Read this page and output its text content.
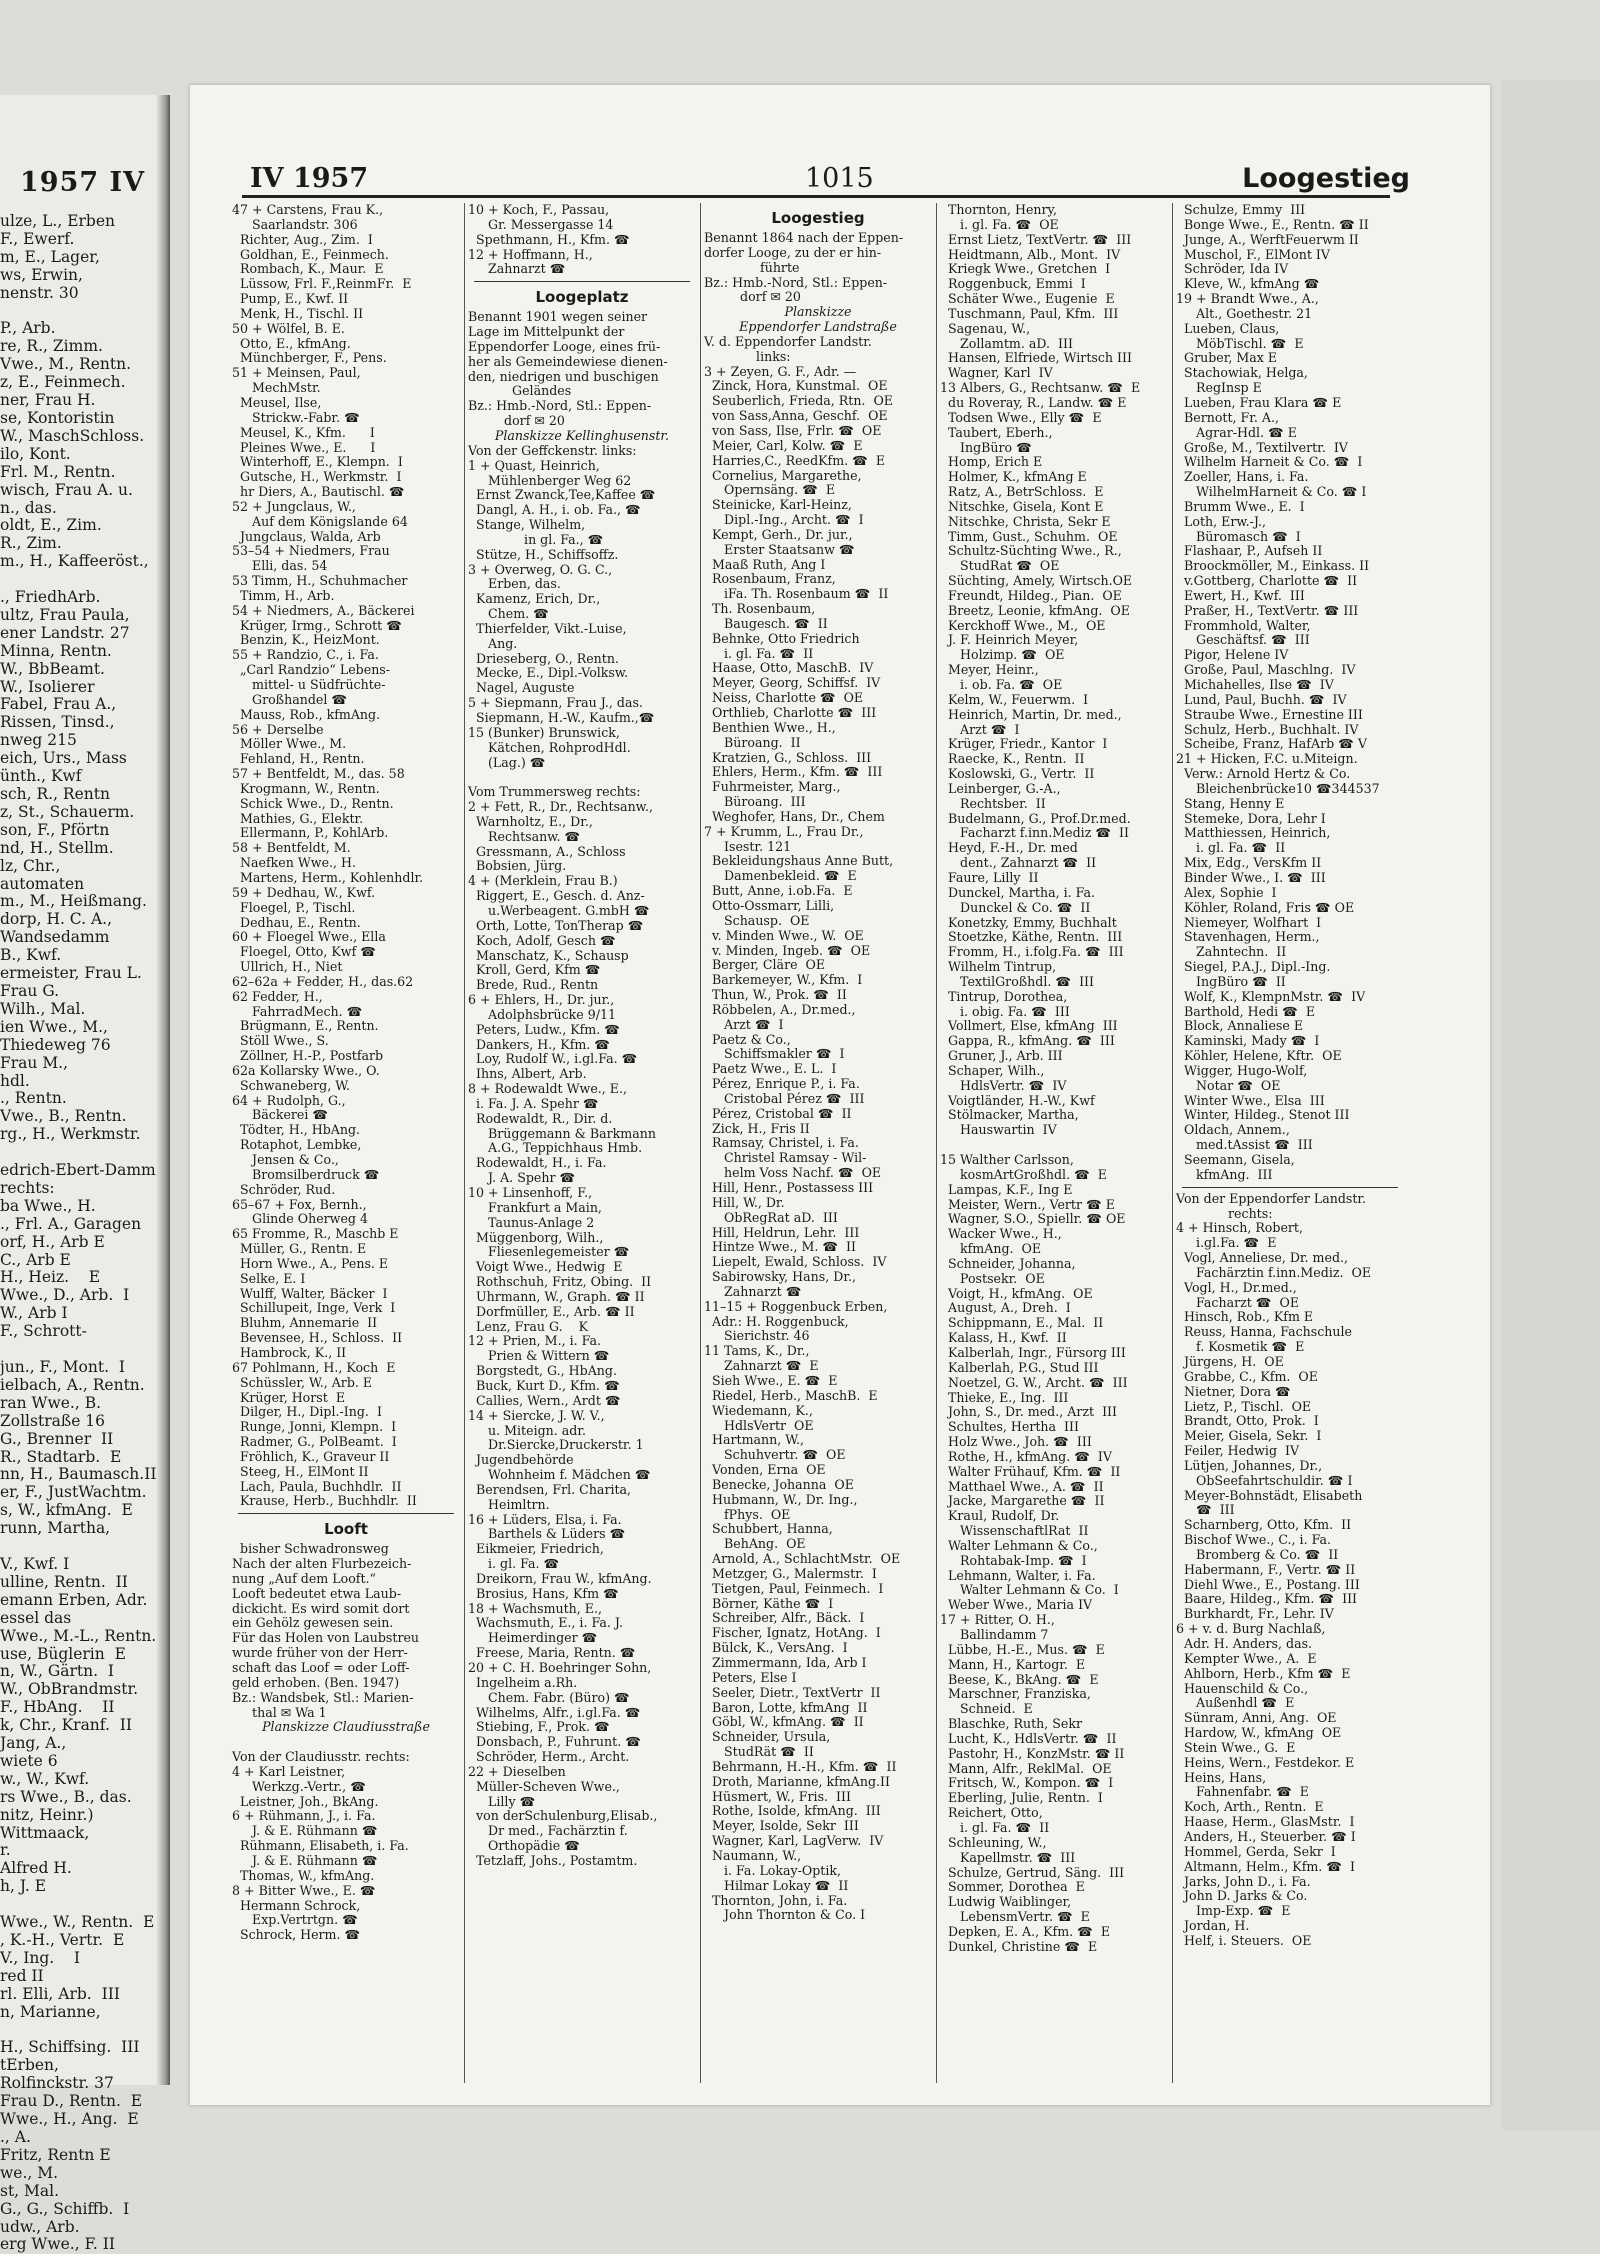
1957 IV
ulze, L., Erben
F., Ewerf.
m, E., Lager,
ws, Erwin,
nenstr. 30

P., Arb.
re, R., Zimm.
Vwe., M., Rentn.
z, E., Feinmech.
ner, Frau H.
se, Kontoristin
W., MaschSchloss.
ilo, Kont.
Frl. M., Rentn.
wisch, Frau A. u.
n., das.
oldt, E., Zim.
R., Zim.
m., H., Kaffeeröst.,

., FriedhArb.
ultz, Frau Paula,
ener Landstr. 27
Minna, Rentn.
W., BbBeamt.
W., Isolierer
Fabel, Frau A.,
Rissen, Tinsd.,
nweg 215
eich, Urs., Mass
ünth., Kwf
sch, R., Rentn
z, St., Schauerm.
son, F., Pförtn
nd, H., Stellm.
lz, Chr.,
automaten
m., M., Heißmang.
dorp, H. C. A.,
Wandsedamm
B., Kwf.
ermeister, Frau L.
Frau G.
Wilh., Mal.
ien Wwe., M.,
Thiedeweg 76
Frau M.,
hdl.
., Rentn.
Vwe., B., Rentn.
rg., H., Werkmstr.

edrich-Ebert-Damm
rechts:
ba Wwe., H.
., Frl. A., Garagen
orf, H., Arb E
C., Arb E
H., Heiz.    E
Wwe., D., Arb.  I
W., Arb I
F., Schrott-

jun., F., Mont.  I
ielbach, A., Rentn.
ran Wwe., B.
Zollstraße 16
G., Brenner  II
R., Stadtarb.  E
nn, H., Baumasch.II
er, F., JustWachtm.
s, W., kfmAng.  E
runn, Martha,

V., Kwf. I
ulline, Rentn.  II
emann Erben, Adr.
essel das
Wwe., M.-L., Rentn.
use, Büglerin  E
n, W., Gärtn.  I
W., ObBrandmstr.
F., HbAng.    II
k, Chr., Kranf.  II
Jang, A.,
wiete 6
w., W., Kwf.
rs Wwe., B., das.
nitz, Heinr.)
Wittmaack,
r.
Alfred H.
h, J. E

Wwe., W., Rentn.  E
, K.-H., Vertr.  E
V., Ing.    I
red II
rl. Elli, Arb.  III
n, Marianne,

H., Schiffsing.  III
tErben,
Rolfinckstr. 37
Frau D., Rentn.  E
Wwe., H., Ang.  E
., A.
Fritz, Rentn E
we., M.
st, Mal.
G., G., Schiffb.  I
udw., Arb.
erg Wwe., F. II
IV 1957	1015	Loogestieg
47 + Carstens, Frau K.,
Saarlandstr. 306
Richter, Aug., Zim.  I
Goldhan, E., Feinmech.
Rombach, K., Maur.  E
Lüssow, Frl. F.,ReinmFr.  E
Pump, E., Kwf. II
Menk, H., Tischl. II
50 + Wölfel, B. E.
Otto, E., kfmAng.
Münchberger, F., Pens.
51 + Meinsen, Paul,
MechMstr.
Meusel, Ilse,
Strickw.-Fabr. ☎
Meusel, K., Kfm.      I
Pleines Wwe., E.      I
Winterhoff, E., Klempn.  I
Gutsche, H., Werkmstr.  I
hr Diers, A., Bautischl. ☎
52 + Jungclaus, W.,
Auf dem Königslande 64
Jungclaus, Walda, Arb
53–54 + Niedmers, Frau
Elli, das. 54
53 Timm, H., Schuhmacher
Timm, H., Arb.
54 + Niedmers, A., Bäckerei
Krüger, Irmg., Schrott ☎
Benzin, K., HeizMont.
55 + Randzio, C., i. Fa.
„Carl Randzio“ Lebens-
mittel- u Südfrüchte-
Großhandel ☎
Mauss, Rob., kfmAng.
56 + Derselbe
Möller Wwe., M.
Fehland, H., Rentn.
57 + Bentfeldt, M., das. 58
Krogmann, W., Rentn.
Schick Wwe., D., Rentn.
Mathies, G., Elektr.
Ellermann, P., KohlArb.
58 + Bentfeldt, M.
Naefken Wwe., H.
Martens, Herm., Kohlenhdlr.
59 + Dedhau, W., Kwf.
Floegel, P., Tischl.
Dedhau, E., Rentn.
60 + Floegel Wwe., Ella
Floegel, Otto, Kwf ☎
Ullrich, H., Niet
62–62a + Fedder, H., das.62
62 Fedder, H.,
FahrradMech. ☎
Brügmann, E., Rentn.
Stöll Wwe., S.
Zöllner, H.-P., Postfarb
62a Kollarsky Wwe., O.
Schwaneberg, W.
64 + Rudolph, G.,
Bäckerei ☎
Tödter, H., HbAng.
Rotaphot, Lembke,
Jensen & Co.,
Bromsilberdruck ☎
Schröder, Rud.
65–67 + Fox, Bernh.,
Glinde Oherweg 4
65 Fromme, R., Maschb E
Müller, G., Rentn. E
Horn Wwe., A., Pens. E
Selke, E. I
Wulff, Walter, Bäcker  I
Schillupeit, Inge, Verk  I
Bluhm, Annemarie  II
Bevensee, H., Schloss.  II
Hambrock, K., II
67 Pohlmann, H., Koch  E
Schüssler, W., Arb. E
Krüger, Horst  E
Dilger, H., Dipl.-Ing.  I
Runge, Jonni, Klempn.  I
Radmer, G., PolBeamt.  I
Fröhlich, K., Graveur II
Steeg, H., ElMont II
Lach, Paula, Buchhdlr.  II
Krause, Herb., Buchhdlr.  II
Looft
bisher Schwadronsweg
Nach der alten Flurbezeich-
nung „Auf dem Looft.“
Looft bedeutet etwa Laub-
dickicht. Es wird somit dort
ein Gehölz gewesen sein.
Für das Holen von Laubstreu
wurde früher von der Herr-
schaft das Loof = oder Loff-
geld erhoben. (Ben. 1947)
Bz.: Wandsbek, Stl.: Marien-
thal ✉ Wa 1
Planskizze Claudiusstraße

Von der Claudiusstr. rechts:
4 + Karl Leistner,
Werkzg.-Vertr., ☎
Leistner, Joh., BkAng.
6 + Rühmann, J., i. Fa.
J. & E. Rühmann ☎
Rühmann, Elisabeth, i. Fa.
J. & E. Rühmann ☎
Thomas, W., kfmAng.
8 + Bitter Wwe., E. ☎
Hermann Schrock,
Exp.Vertrtgn. ☎
Schrock, Herm. ☎
10 + Koch, F., Passau,
Gr. Messergasse 14
Spethmann, H., Kfm. ☎
12 + Hoffmann, H.,
Zahnarzt ☎
Loogeplatz
Benannt 1901 wegen seiner
Lage im Mittelpunkt der
Eppendorfer Looge, eines frü-
her als Gemeindewiese dienen-
den, niedrigen und buschigen
Geländes
Bz.: Hmb.-Nord, Stl.: Eppen-
dorf ✉ 20
Planskizze Kellinghusenstr.
Von der Geffckenstr. links:
1 + Quast, Heinrich,
Mühlenberger Weg 62
Ernst Zwanck,Tee,Kaffee ☎
Dangl, A. H., i. ob. Fa., ☎
Stange, Wilhelm,
in gl. Fa., ☎
Stütze, H., Schiffsoffz.
3 + Overweg, O. G. C.,
Erben, das.
Kamenz, Erich, Dr.,
Chem. ☎
Thierfelder, Vikt.-Luise,
Ang.
Drieseberg, O., Rentn.
Mecke, E., Dipl.-Volksw.
Nagel, Auguste
5 + Siepmann, Frau J., das.
Siepmann, H.-W., Kaufm.,☎
15 (Bunker) Brunswick,
Kätchen, RohprodHdl.
(Lag.) ☎

Vom Trummersweg rechts:
2 + Fett, R., Dr., Rechtsanw.,
Warnholtz, E., Dr.,
Rechtsanw. ☎
Gressmann, A., Schloss
Bobsien, Jürg.
4 + (Merklein, Frau B.)
Riggert, E., Gesch. d. Anz-
u.Werbeagent. G.mbH ☎
Orth, Lotte, TonTherap ☎
Koch, Adolf, Gesch ☎
Manschatz, K., Schausp
Kroll, Gerd, Kfm ☎
Brede, Rud., Rentn
6 + Ehlers, H., Dr. jur.,
Adolphsbrücke 9/11
Peters, Ludw., Kfm. ☎
Dankers, H., Kfm. ☎
Loy, Rudolf W., i.gl.Fa. ☎
Ihns, Albert, Arb.
8 + Rodewaldt Wwe., E.,
i. Fa. J. A. Spehr ☎
Rodewaldt, R., Dir. d.
Brüggemann & Barkmann
A.G., Teppichhaus Hmb.
Rodewaldt, H., i. Fa.
J. A. Spehr ☎
10 + Linsenhoff, F.,
Frankfurt a Main,
Taunus-Anlage 2
Müggenborg, Wilh.,
Fliesenlegemeister ☎
Voigt Wwe., Hedwig  E
Rothschuh, Fritz, Obing.  II
Uhrmann, W., Graph. ☎ II
Dorfmüller, E., Arb. ☎ II
Lenz, Frau G.    K
12 + Prien, M., i. Fa.
Prien & Wittern ☎
Borgstedt, G., HbAng.
Buck, Kurt D., Kfm. ☎
Callies, Wern., Ardt ☎
14 + Siercke, J. W. V.,
u. Miteign. adr.
Dr.Siercke,Druckerstr. 1
Jugendbehörde
Wohnheim f. Mädchen ☎
Berendsen, Frl. Charita,
Heimltrn.
16 + Lüders, Elsa, i. Fa.
Barthels & Lüders ☎
Eikmeier, Friedrich,
i. gl. Fa. ☎
Dreikorn, Frau W., kfmAng.
Brosius, Hans, Kfm ☎
18 + Wachsmuth, E.,
Wachsmuth, E., i. Fa. J.
Heimerdinger ☎
Freese, Maria, Rentn. ☎
20 + C. H. Boehringer Sohn,
Ingelheim a.Rh.
Chem. Fabr. (Büro) ☎
Wilhelms, Alfr., i.gl.Fa. ☎
Stiebing, F., Prok. ☎
Donsbach, P., Fuhrunt. ☎
Schröder, Herm., Archt.
22 + Dieselben
Müller-Scheven Wwe.,
Lilly ☎
von derSchulenburg,Elisab.,
Dr med., Fachärztin f.
Orthopädie ☎
Tetzlaff, Johs., Postamtm.
Loogestieg
Benannt 1864 nach der Eppen-
dorfer Looge, zu der er hin-
führte
Bz.: Hmb.-Nord, Stl.: Eppen-
dorf ✉ 20
Planskizze
Eppendorfer Landstraße
V. d. Eppendorfer Landstr.
links:
3 + Zeyen, G. F., Adr. —
Zinck, Hora, Kunstmal.  OE
Seuberlich, Frieda, Rtn.  OE
von Sass,Anna, Geschf.  OE
von Sass, Ilse, Frlr. ☎  OE
Meier, Carl, Kolw. ☎  E
Harries,C., ReedKfm. ☎  E
Cornelius, Margarethe,
Opernsäng. ☎  E
Steinicke, Karl-Heinz,
Dipl.-Ing., Archt. ☎  I
Kempt, Gerh., Dr. jur.,
Erster Staatsanw ☎
Maaß Ruth, Ang I
Rosenbaum, Franz,
iFa. Th. Rosenbaum ☎  II
Th. Rosenbaum,
Baugesch. ☎  II
Behnke, Otto Friedrich
i. gl. Fa. ☎  II
Haase, Otto, MaschB.  IV
Meyer, Georg, Schiffsf.  IV
Neiss, Charlotte ☎  OE
Orthlieb, Charlotte ☎  III
Benthien Wwe., H.,
Büroang.  II
Kratzien, G., Schloss.  III
Ehlers, Herm., Kfm. ☎  III
Fuhrmeister, Marg.,
Büroang.  III
Weghofer, Hans, Dr., Chem
7 + Krumm, L., Frau Dr.,
Isestr. 121
Bekleidungshaus Anne Butt,
Damenbekleid. ☎  E
Butt, Anne, i.ob.Fa.  E
Otto-Ossmarr, Lilli,
Schausp.  OE
v. Minden Wwe., W.  OE
v. Minden, Ingeb. ☎  OE
Berger, Cläre  OE
Barkemeyer, W., Kfm.  I
Thun, W., Prok. ☎  II
Röbbelen, A., Dr.med.,
Arzt ☎  I
Paetz & Co.,
Schiffsmakler ☎  I
Paetz Wwe., E. L.  I
Pérez, Enrique P., i. Fa.
Cristobal Pérez ☎  III
Pérez, Cristobal ☎  II
Zick, H., Fris II
Ramsay, Christel, i. Fa.
Christel Ramsay - Wil-
helm Voss Nachf. ☎  OE
Hill, Henr., Postassess III
Hill, W., Dr.
ObRegRat aD.  III
Hill, Heldrun, Lehr.  III
Hintze Wwe., M. ☎  II
Liepelt, Ewald, Schloss.  IV
Sabirowsky, Hans, Dr.,
Zahnarzt ☎
11–15 + Roggenbuck Erben,
Adr.: H. Roggenbuck,
Sierichstr. 46
11 Tams, K., Dr.,
Zahnarzt ☎  E
Sieh Wwe., E. ☎  E
Riedel, Herb., MaschB.  E
Wiedemann, K.,
HdlsVertr  OE
Hartmann, W.,
Schuhvertr. ☎  OE
Vonden, Erna  OE
Benecke, Johanna  OE
Hubmann, W., Dr. Ing.,
fPhys.  OE
Schubbert, Hanna,
BehAng.  OE
Arnold, A., SchlachtMstr.  OE
Metzger, G., Malermstr.  I
Tietgen, Paul, Feinmech.  I
Börner, Käthe ☎  I
Schreiber, Alfr., Bäck.  I
Fischer, Ignatz, HotAng.  I
Bülck, K., VersAng.  I
Zimmermann, Ida, Arb I
Peters, Else I
Seeler, Dietr., TextVertr  II
Baron, Lotte, kfmAng  II
Göbl, W., kfmAng. ☎  II
Schneider, Ursula,
StudRät ☎  II
Behrmann, H.-H., Kfm. ☎  II
Droth, Marianne, kfmAng.II
Hüsmert, W., Fris.  III
Rothe, Isolde, kfmAng.  III
Meyer, Isolde, Sekr  III
Wagner, Karl, LagVerw.  IV
Naumann, W.,
i. Fa. Lokay-Optik,
Hilmar Lokay ☎  II
Thornton, John, i. Fa.
John Thornton & Co. I
Thornton, Henry,
i. gl. Fa. ☎  OE
Ernst Lietz, TextVertr. ☎  III
Heidtmann, Alb., Mont.  IV
Kriegk Wwe., Gretchen  I
Roggenbuck, Emmi  I
Schäter Wwe., Eugenie  E
Tuschmann, Paul, Kfm.  III
Sagenau, W.,
Zollamtm. aD.  III
Hansen, Elfriede, Wirtsch III
Wagner, Karl  IV
13 Albers, G., Rechtsanw. ☎  E
du Roveray, R., Landw. ☎ E
Todsen Wwe., Elly ☎  E
Taubert, Eberh.,
IngBüro ☎
Homp, Erich E
Holmer, K., kfmAng E
Ratz, A., BetrSchloss.  E
Nitschke, Gisela, Kont E
Nitschke, Christa, Sekr E
Timm, Gust., Schuhm.  OE
Schultz-Süchting Wwe., R.,
StudRat ☎  OE
Süchting, Amely, Wirtsch.OE
Freundt, Hildeg., Pian.  OE
Breetz, Leonie, kfmAng.  OE
Kerckhoff Wwe., M.,  OE
J. F. Heinrich Meyer,
Holzimp. ☎  OE
Meyer, Heinr.,
i. ob. Fa. ☎  OE
Kelm, W., Feuerwm.  I
Heinrich, Martin, Dr. med.,
Arzt ☎  I
Krüger, Friedr., Kantor  I
Raecke, K., Rentn.  II
Koslowski, G., Vertr.  II
Leinberger, G.-A.,
Rechtsber.  II
Budelmann, G., Prof.Dr.med.
Facharzt f.inn.Mediz ☎  II
Heyd, F.-H., Dr. med
dent., Zahnarzt ☎  II
Faure, Lilly  II
Dunckel, Martha, i. Fa.
Dunckel & Co. ☎  II
Konetzky, Emmy, Buchhalt
Stoetzke, Käthe, Rentn.  III
Fromm, H., i.folg.Fa. ☎  III
Wilhelm Tintrup,
TextilGroßhdl. ☎  III
Tintrup, Dorothea,
i. obig. Fa. ☎  III
Vollmert, Else, kfmAng  III
Gappa, R., kfmAng. ☎  III
Gruner, J., Arb. III
Schaper, Wilh.,
HdlsVertr. ☎  IV
Voigtländer, H.-W., Kwf
Stölmacker, Martha,
Hauswartin  IV

15 Walther Carlsson,
kosmArtGroßhdl. ☎  E
Lampas, K.F., Ing E
Meister, Wern., Vertr ☎ E
Wagner, S.O., Spiellr. ☎ OE
Wacker Wwe., H.,
kfmAng.  OE
Schneider, Johanna,
Postsekr.  OE
Voigt, H., kfmAng.  OE
August, A., Dreh.  I
Schippmann, E., Mal.  II
Kalass, H., Kwf.  II
Kalberlah, Ingr., Fürsorg III
Kalberlah, P.G., Stud III
Noetzel, G. W., Archt. ☎  III
Thieke, E., Ing.  III
John, S., Dr. med., Arzt  III
Schultes, Hertha  III
Holz Wwe., Joh. ☎  III
Rothe, H., kfmAng. ☎  IV
Walter Frühauf, Kfm. ☎  II
Matthael Wwe., A. ☎  II
Jacke, Margarethe ☎  II
Kraul, Rudolf, Dr.
WissenschaftlRat  II
Walter Lehmann & Co.,
Rohtabak-Imp. ☎  I
Lehmann, Walter, i. Fa.
Walter Lehmann & Co.  I
Weber Wwe., Maria IV
17 + Ritter, O. H.,
Ballindamm 7
Lübbe, H.-E., Mus. ☎  E
Mann, H., Kartogr.  E
Beese, K., BkAng. ☎  E
Marschner, Franziska,
Schneid.  E
Blaschke, Ruth, Sekr
Lucht, K., HdlsVertr. ☎  II
Pastohr, H., KonzMstr. ☎ II
Mann, Alfr., ReklMal.  OE
Fritsch, W., Kompon. ☎  I
Eberling, Julie, Rentn.  I
Reichert, Otto,
i. gl. Fa. ☎  II
Schleuning, W.,
Kapellmstr. ☎  III
Schulze, Gertrud, Säng.  III
Sommer, Dorothea  E
Ludwig Waiblinger,
LebensmVertr. ☎  E
Depken, E. A., Kfm. ☎  E
Dunkel, Christine ☎  E
Schulze, Emmy  III
Bonge Wwe., E., Rentn. ☎ II
Junge, A., WerftFeuerwm II
Muschol, F., ElMont IV
Schröder, Ida IV
Kleve, W., kfmAng ☎
19 + Brandt Wwe., A.,
Alt., Goethestr. 21
Lueben, Claus,
MöbTischl. ☎  E
Gruber, Max E
Stachowiak, Helga,
RegInsp E
Lueben, Frau Klara ☎ E
Bernott, Fr. A.,
Agrar-Hdl. ☎ E
Große, M., Textilvertr.  IV
Wilhelm Harneit & Co. ☎  I
Zoeller, Hans, i. Fa.
WilhelmHarneit & Co. ☎ I
Brumm Wwe., E.  I
Loth, Erw.-J.,
Büromasch ☎  I
Flashaar, P., Aufseh II
Broockmöller, M., Einkass. II
v.Gottberg, Charlotte ☎  II
Ewert, H., Kwf.  III
Praßer, H., TextVertr. ☎ III
Frommhold, Walter,
Geschäftsf. ☎  III
Pigor, Helene IV
Große, Paul, Maschlng.  IV
Michahelles, Ilse ☎  IV
Lund, Paul, Buchh. ☎  IV
Straube Wwe., Ernestine III
Schulz, Herb., Buchhalt. IV
Scheibe, Franz, HafArb ☎ V
21 + Hicken, F.C. u.Miteign.
Verw.: Arnold Hertz & Co.
Bleichenbrücke10 ☎344537
Stang, Henny E
Stemeke, Dora, Lehr I
Matthiessen, Heinrich,
i. gl. Fa. ☎  II
Mix, Edg., VersKfm II
Binder Wwe., I. ☎  III
Alex, Sophie  I
Köhler, Roland, Fris ☎ OE
Niemeyer, Wolfhart  I
Stavenhagen, Herm.,
Zahntechn.  II
Siegel, P.A.J., Dipl.-Ing.
IngBüro ☎  II
Wolf, K., KlempnMstr. ☎  IV
Barthold, Hedi ☎  E
Block, Annaliese E
Kaminski, Mady ☎  I
Köhler, Helene, Kftr.  OE
Wigger, Hugo-Wolf,
Notar ☎  OE
Winter Wwe., Elsa  III
Winter, Hildeg., Stenot III
Oldach, Annem.,
med.tAssist ☎  III
Seemann, Gisela,
kfmAng.  III
Von der Eppendorfer Landstr.
rechts:
4 + Hinsch, Robert,
i.gl.Fa. ☎  E
Vogl, Anneliese, Dr. med.,
Fachärztin f.inn.Mediz.  OE
Vogl, H., Dr.med.,
Facharzt ☎  OE
Hinsch, Rob., Kfm E
Reuss, Hanna, Fachschule
f. Kosmetik ☎  E
Jürgens, H.  OE
Grabbe, C., Kfm.  OE
Nietner, Dora ☎
Lietz, P., Tischl.  OE
Brandt, Otto, Prok.  I
Meier, Gisela, Sekr.  I
Feiler, Hedwig  IV
Lütjen, Johannes, Dr.,
ObSeefahrtschuldir. ☎ I
Meyer-Bohnstädt, Elisabeth
☎  III
Scharnberg, Otto, Kfm.  II
Bischof Wwe., C., i. Fa.
Bromberg & Co. ☎  II
Habermann, F., Vertr. ☎ II
Diehl Wwe., E., Postang. III
Baare, Hildeg., Kfm. ☎  III
Burkhardt, Fr., Lehr. IV
6 + v. d. Burg Nachlaß,
Adr. H. Anders, das.
Kempter Wwe., A.  E
Ahlborn, Herb., Kfm ☎  E
Hauenschild & Co.,
Außenhdl ☎  E
Sünram, Anni, Ang.  OE
Hardow, W., kfmAng  OE
Stein Wwe., G.  E
Heins, Wern., Festdekor. E
Heins, Hans,
Fahnenfabr. ☎  E
Koch, Arth., Rentn.  E
Haase, Herm., GlasMstr.  I
Anders, H., Steuerber. ☎ I
Hommel, Gerda, Sekr  I
Altmann, Helm., Kfm. ☎  I
Jarks, John D., i. Fa.
John D. Jarks & Co.
Imp-Exp. ☎  E
Jordan, H.
Helf, i. Steuers.  OE
